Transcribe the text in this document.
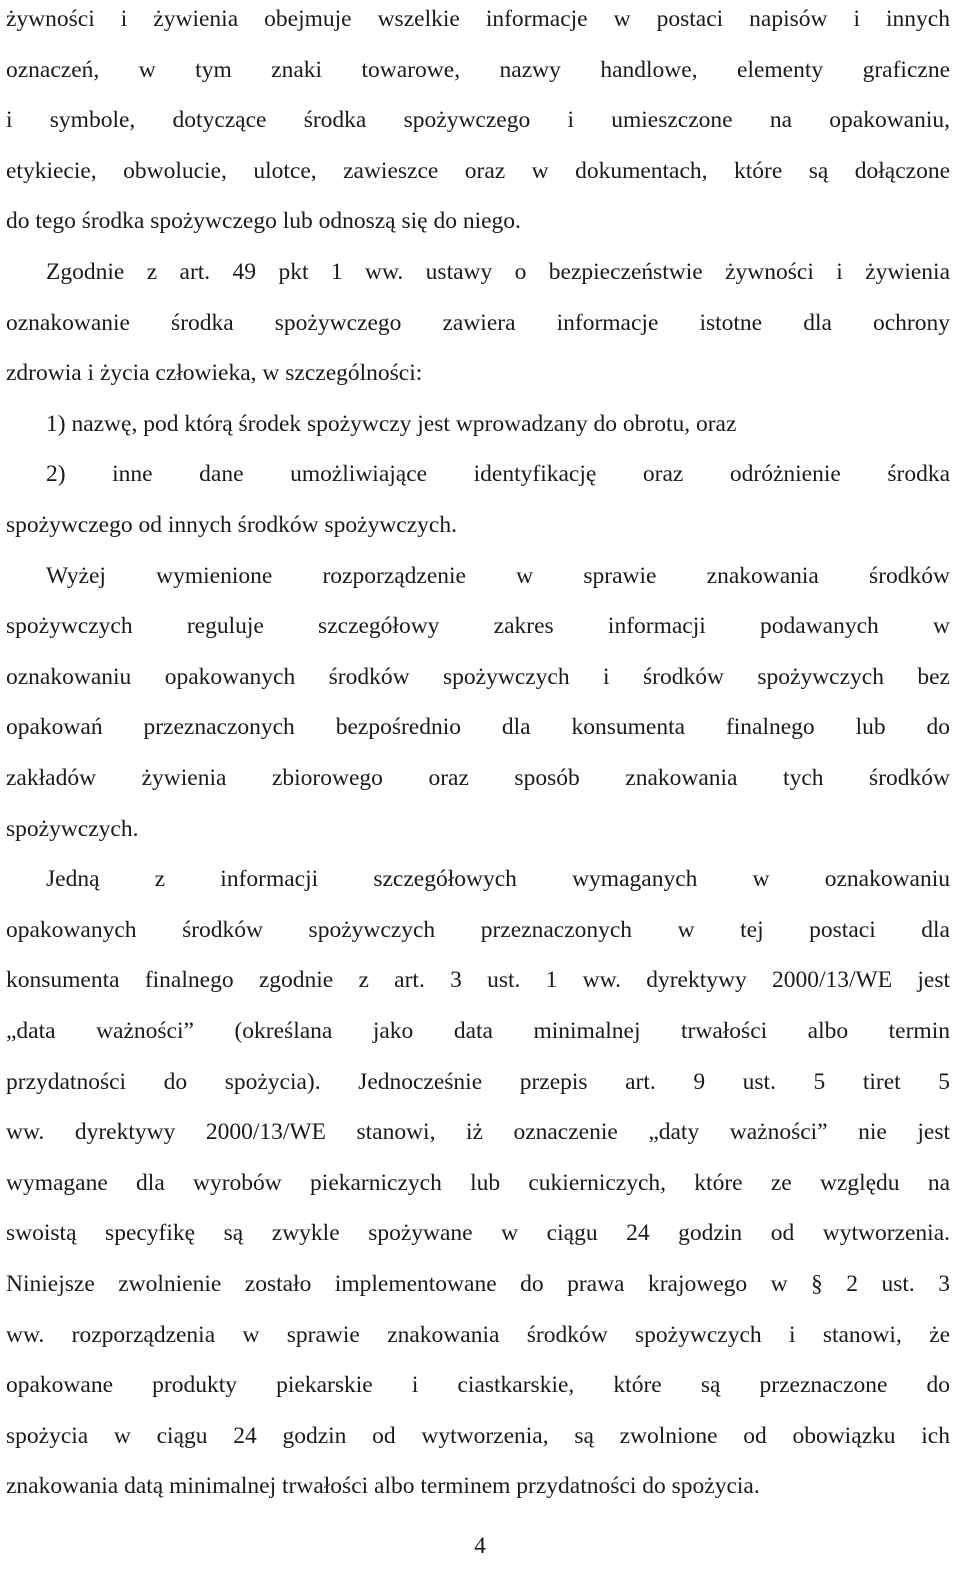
żywności i żywienia obejmuje wszelkie informacje w postaci napisów i innych
oznaczeń, w tym znaki towarowe, nazwy handlowe, elementy graficzne
i symbole, dotyczące środka spożywczego i umieszczone na opakowaniu,
etykiecie, obwolucie, ulotce, zawieszce oraz w dokumentach, które są dołączone
do tego środka spożywczego lub odnoszą się do niego.
Zgodnie z art. 49 pkt 1 ww. ustawy o bezpieczeństwie żywności i żywienia
oznakowanie środka spożywczego zawiera informacje istotne dla ochrony
zdrowia i życia człowieka, w szczególności:
1) nazwę, pod którą środek spożywczy jest wprowadzany do obrotu, oraz
2) inne dane umożliwiające identyfikację oraz odróżnienie środka
spożywczego od innych środków spożywczych.
Wyżej wymienione rozporządzenie w sprawie znakowania środków
spożywczych reguluje szczegółowy zakres informacji podawanych w
oznakowaniu opakowanych środków spożywczych i środków spożywczych bez
opakowań przeznaczonych bezpośrednio dla konsumenta finalnego lub do
zakładów żywienia zbiorowego oraz sposób znakowania tych środków
spożywczych.
Jedną z informacji szczegółowych wymaganych w oznakowaniu
opakowanych środków spożywczych przeznaczonych w tej postaci dla
konsumenta finalnego zgodnie z art. 3 ust. 1 ww. dyrektywy 2000/13/WE jest
„data ważności” (określana jako data minimalnej trwałości albo termin
przydatności do spożycia). Jednocześnie przepis art. 9 ust. 5 tiret 5
ww. dyrektywy 2000/13/WE stanowi, iż oznaczenie „daty ważności” nie jest
wymagane dla wyrobów piekarniczych lub cukierniczych, które ze względu na
swoistą specyfikę są zwykle spożywane w ciągu 24 godzin od wytworzenia.
Niniejsze zwolnienie zostało implementowane do prawa krajowego w § 2 ust. 3
ww. rozporządzenia w sprawie znakowania środków spożywczych i stanowi, że
opakowane produkty piekarskie i ciastkarskie, które są przeznaczone do
spożycia w ciągu 24 godzin od wytworzenia, są zwolnione od obowiązku ich
znakowania datą minimalnej trwałości albo terminem przydatności do spożycia.
4
